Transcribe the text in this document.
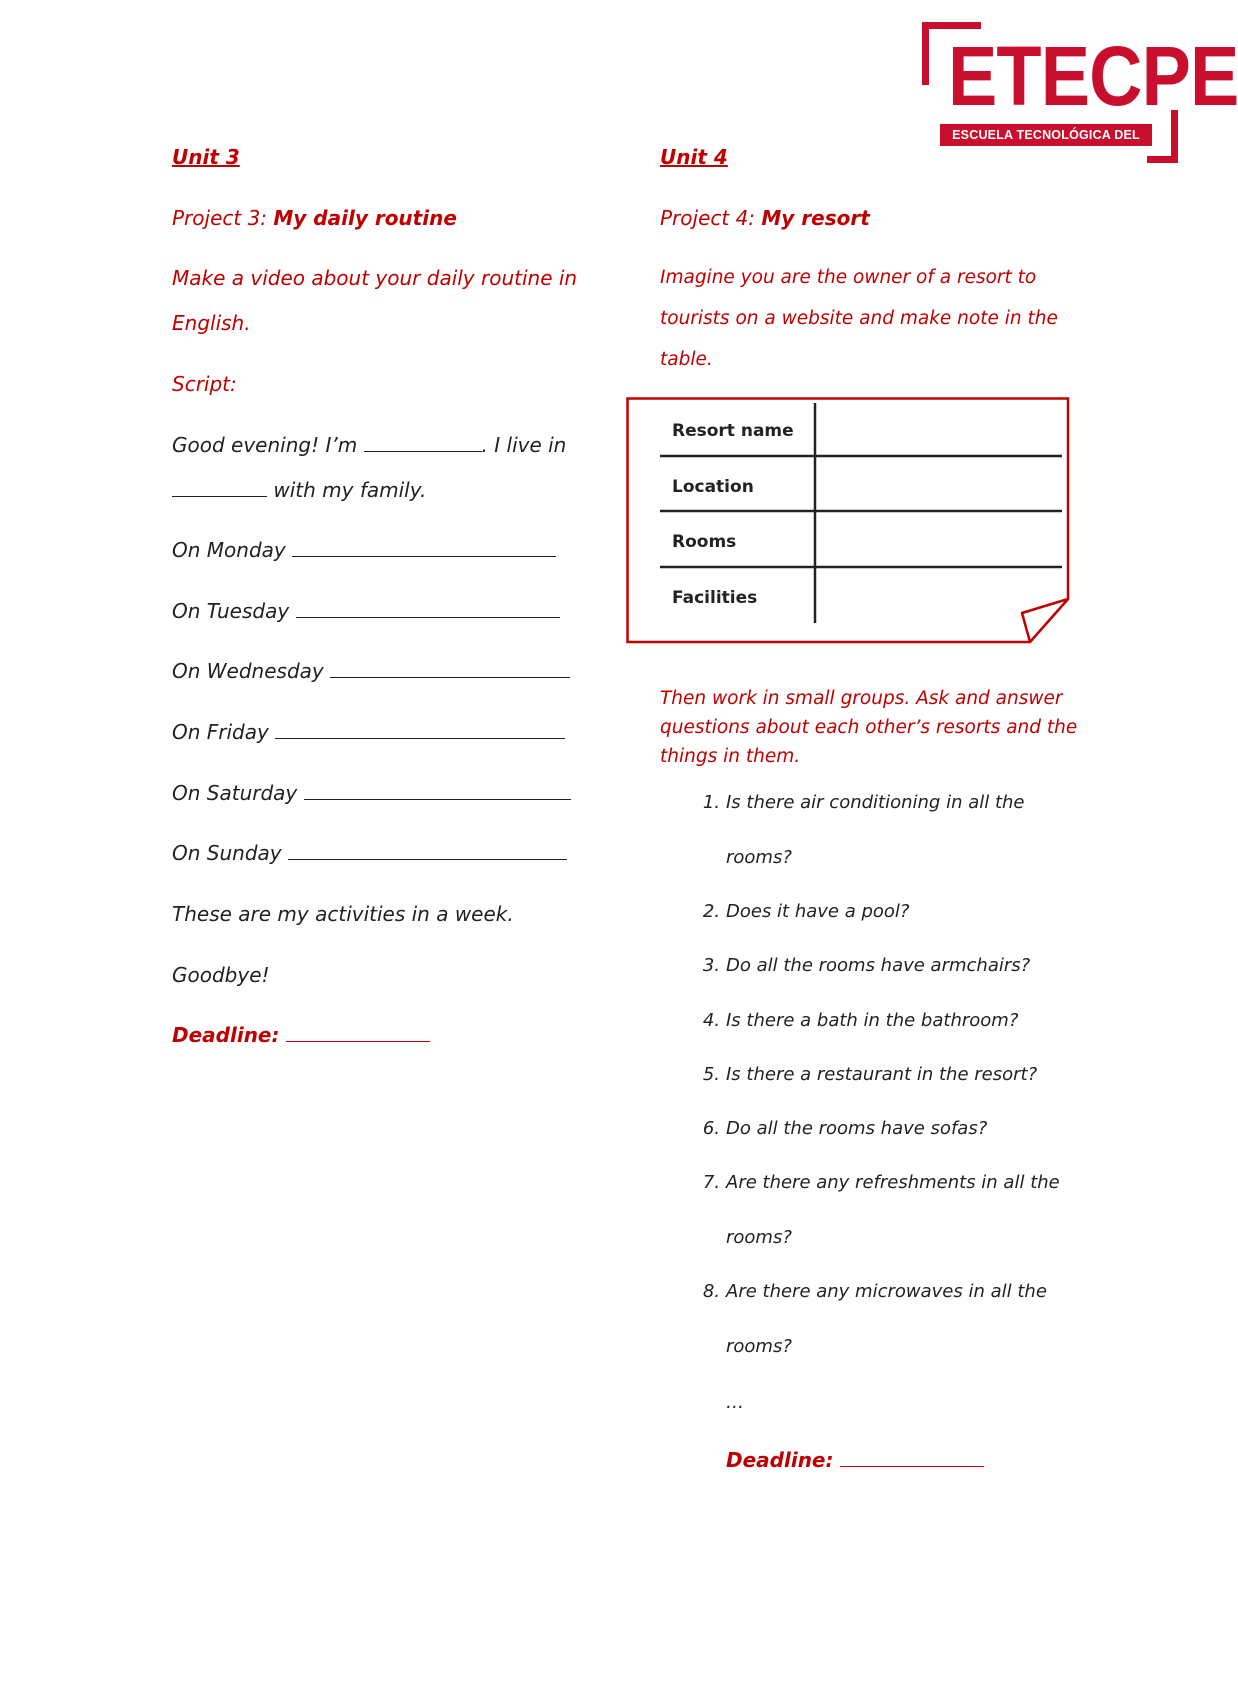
ETECPE
ESCUELA TECNOLÓGICA DEL PERÚ
Unit 3
Project 3: My daily routine
Make a video about your daily routine in
English.
Script:
Good evening! I’m	. I live in
with my family.
On Monday
On Tuesday
On Wednesday
On Friday
On Saturday
On Sunday
These are my activities in a week.
Goodbye!
Deadline:
Unit 4
Project 4: My resort
Imagine you are the owner of a resort to
tourists on a website and make note in the
table.
Resort name
Location
Rooms
Facilities
Then work in small groups. Ask and answer
questions about each other’s resorts and the
things in them.
1. Is there air conditioning in all the
rooms?
2. Does it have a pool?
3. Do all the rooms have armchairs?
4. Is there a bath in the bathroom?
5. Is there a restaurant in the resort?
6. Do all the rooms have sofas?
7. Are there any refreshments in all the
rooms?
8. Are there any microwaves in all the
rooms?
…
Deadline:
